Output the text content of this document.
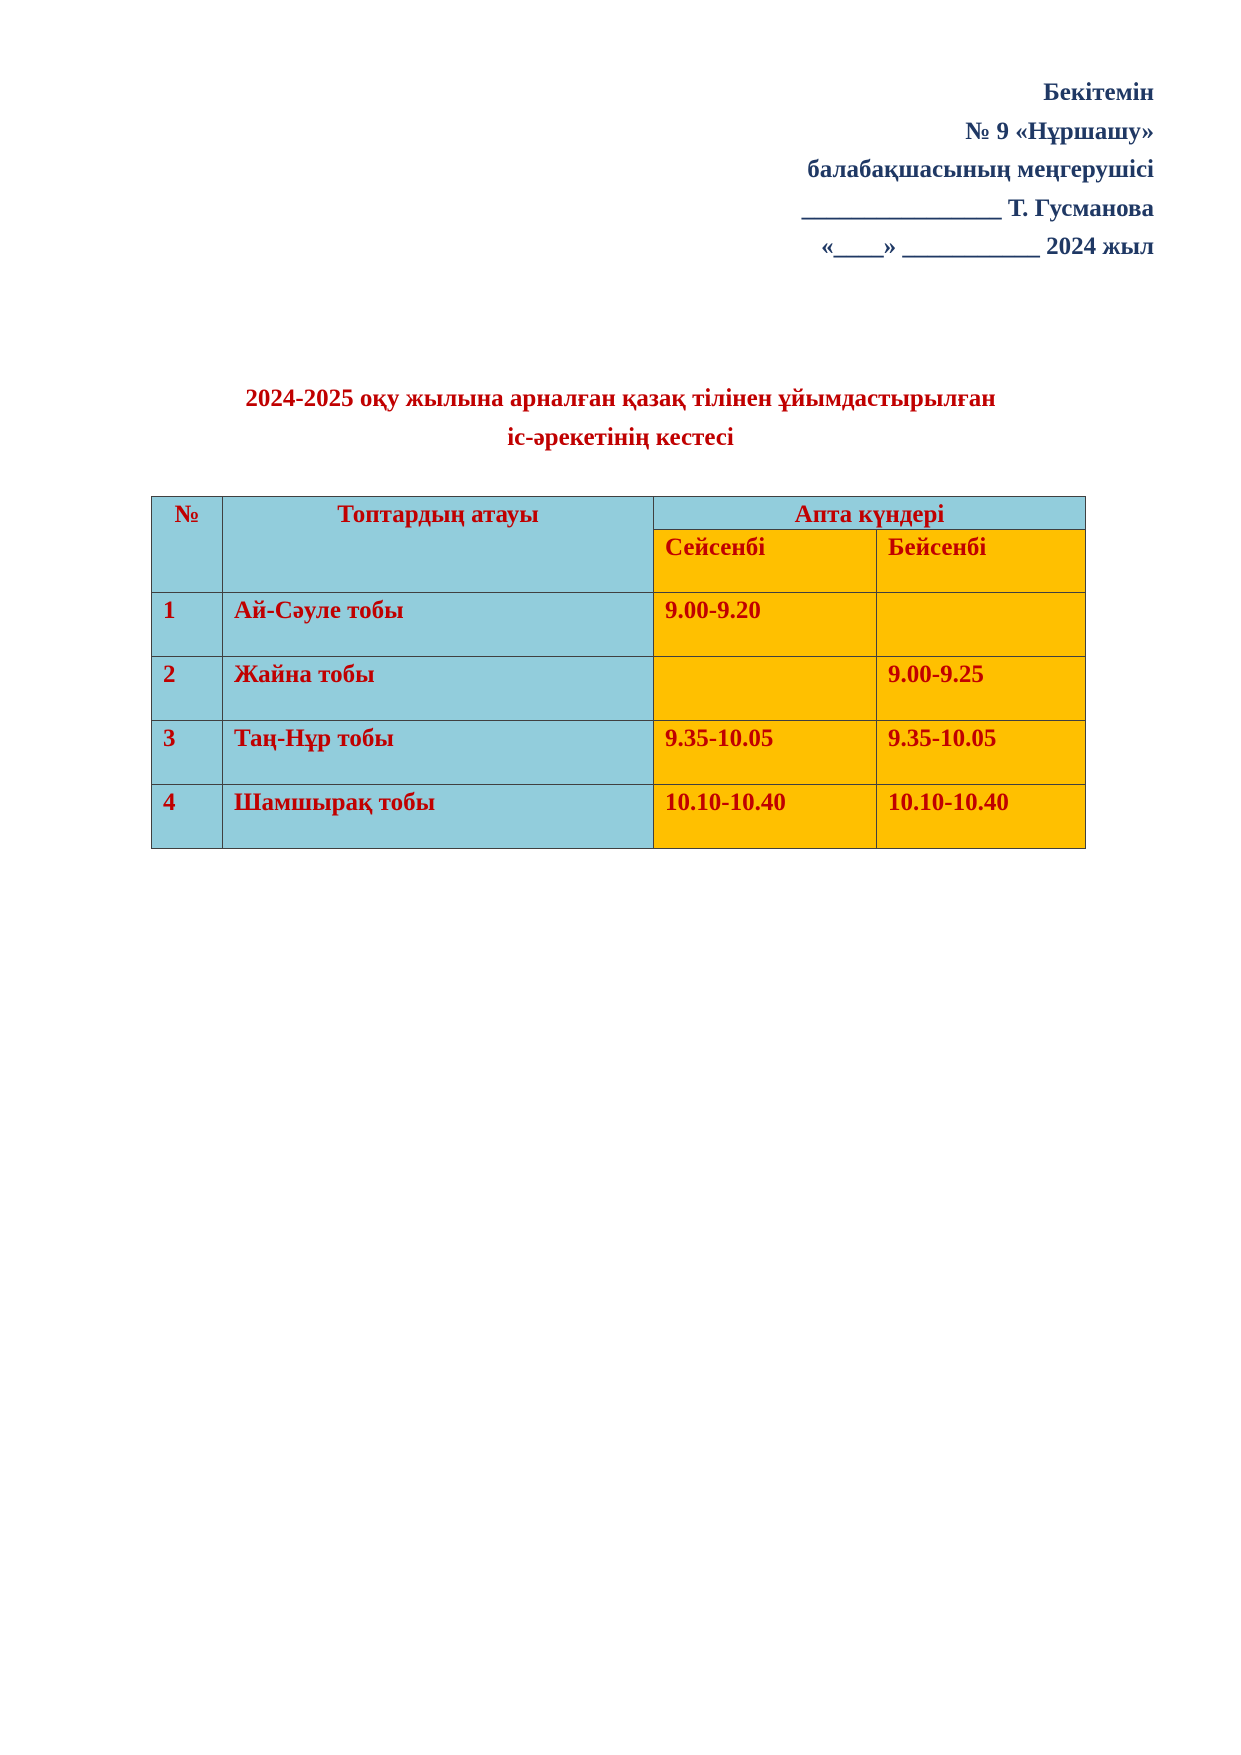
Бекітемін
№ 9 «Нұршашу»
балабақшасының меңгерушісі
________________ Т. Гусманова
«____» ___________ 2024 жыл
2024-2025 оқу жылына арналған қазақ тілінен ұйымдастырылған
іс-әрекетінің кестесі
№	Топтардың атауы	Апта күндері	
		Сейсенбі	Бейсенбі
1	Ай-Сәуле тобы	9.00-9.20	
2	Жайна тобы		9.00-9.25
3	Таң-Нұр тобы	9.35-10.05	9.35-10.05
4	Шамшырақ тобы	10.10-10.40	10.10-10.40
